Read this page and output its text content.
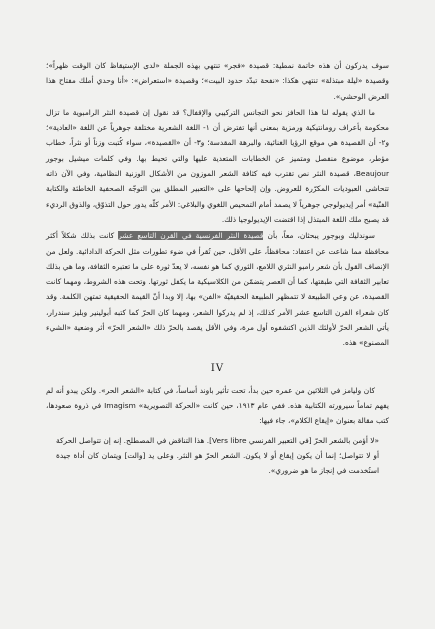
سوف يدركون أن هذه خاتمة نمطية: قصيدة «فجر» تنتهي بهذه الجملة «لدى الإستيقاظ كان الوقت ظهراً»؛ وقصيدة «ليلة مبتذلة» تنتهي هكذا: «نفحة تبدّد حدود البيت»؛ وقصيدة «استعراض»: «أنا وحدي أملك مفتاح هذا العرض الوحشي».

ما الذي يقوله لنا هذا الحافز نحو التجانس التركيبي والإقفال؟ قد نقول إن قصيدة النثر الرامبوية ما تزال محكومة بأعراف رومانتيكية ورمزية بمعنى أنها تفترض أن ١- اللغة الشعرية مختلفة جوهرياً عن اللغة «العادية»؛ و٢- أن القصيدة هي موقع الرؤيا الغنائية، والبرهة المقدسة؛ و٣- أن «القصيدة»، سواء كُتبت وزناً أو نثراً، خطاب مؤطر، موضوع منفصل ومتميز عن الخطابات المتعدية عليها والتي تحيط بها. وفي كلمات ميشيل بوجور Beaujour، قصيدة النثر نص تقترب فيه كثافة الشعر الموزون من الأشكال الوزنية النظامية، وفي الآن ذاته تتحاشى العبوديات المكرّرة للعروض. وإن إلحاحها على «التعبير المطلق بين التوجّه الصحفية الخاطئة والكتابة الفنّية» أمر إيديولوجي جوهرياً لا يصمد أمام التمحيص اللغوي والبلاغي: الأمر كلّه يدور حول التذوّق، والذوق الرديء قد يصبح ملك اللغة المبتذل إذا اقتضت الإيديولوجيا ذلك.

سوندليك وبوجور يبحثان، معاً، بأن قصيدة النثر الفرنسية في القرن التاسع عشر كانت بذلك شكلاً أكثر محافظة مما شاعت عن اعتقاد: محافظاً، على الأقل، حين تُقرأ في ضوء تطورات مثل الحركة الدادائية. ولعل من الإنصاف القول بأن شعر رامبو النثري اللامع، الثوري كما هو نفسه، لا يعدّ ثورة على ما تعتبره الثقافة، وما هي بذلك تعابير الثقافة التي طبقتها، كما أن العصر يتضمّن من الكلاسيكية ما يكفل ثورتها. وتحت هذه الشروط، ومهما كانت القصيدة، عن وعي الطبيعة لا تتمظهر الطبيعة الحقيقيّة «الفن» بها، إلا وبدا أنّ القيمة الحقيقية تمتهن الكلمة. وقد كان شعراء القرن التاسع عشر الأمر كذلك، إذ لم يدركوا الشعر، ومهما كان الحرّ كما كتبه أبولينير وبليز سندرار، يأتي الشعر الحرّ لأولئك الذين اكتشفوه أول مرة، وفي الأقل يقصد بالحرّ ذلك «الشعر الحرّ» أثر وضعية «الشيء المصنوع» هذه.

IV

كان وليامز في الثلاثين من عمره حين بدأ، تحت تأثير باوند أساساً، في كتابة «الشعر الحر». ولكن يبدو أنه لم يفهم تماماً سيرورته الكتابية هذه. ففي عام ١٩١٣، حين كانت «الحركة التصويرية» Imagism في ذروة صعودها، كتب مقالة بعنوان «إيقاع الكلام»، جاء فيها:

«لا أؤمن بالشعر الحرّ [في التعبير الفرنسي Vers libre]. هذا التناقض في المصطلح. إنه إن تتواصل الحركة أو لا تتواصل؛ إنما أن يكون إيقاع أو لا يكون. الشعر الحرّ هو النثر. وعلى يد [والت] ويتمان كان أداة جيدة استُخدمت في إنجاز ما هو ضروري».
